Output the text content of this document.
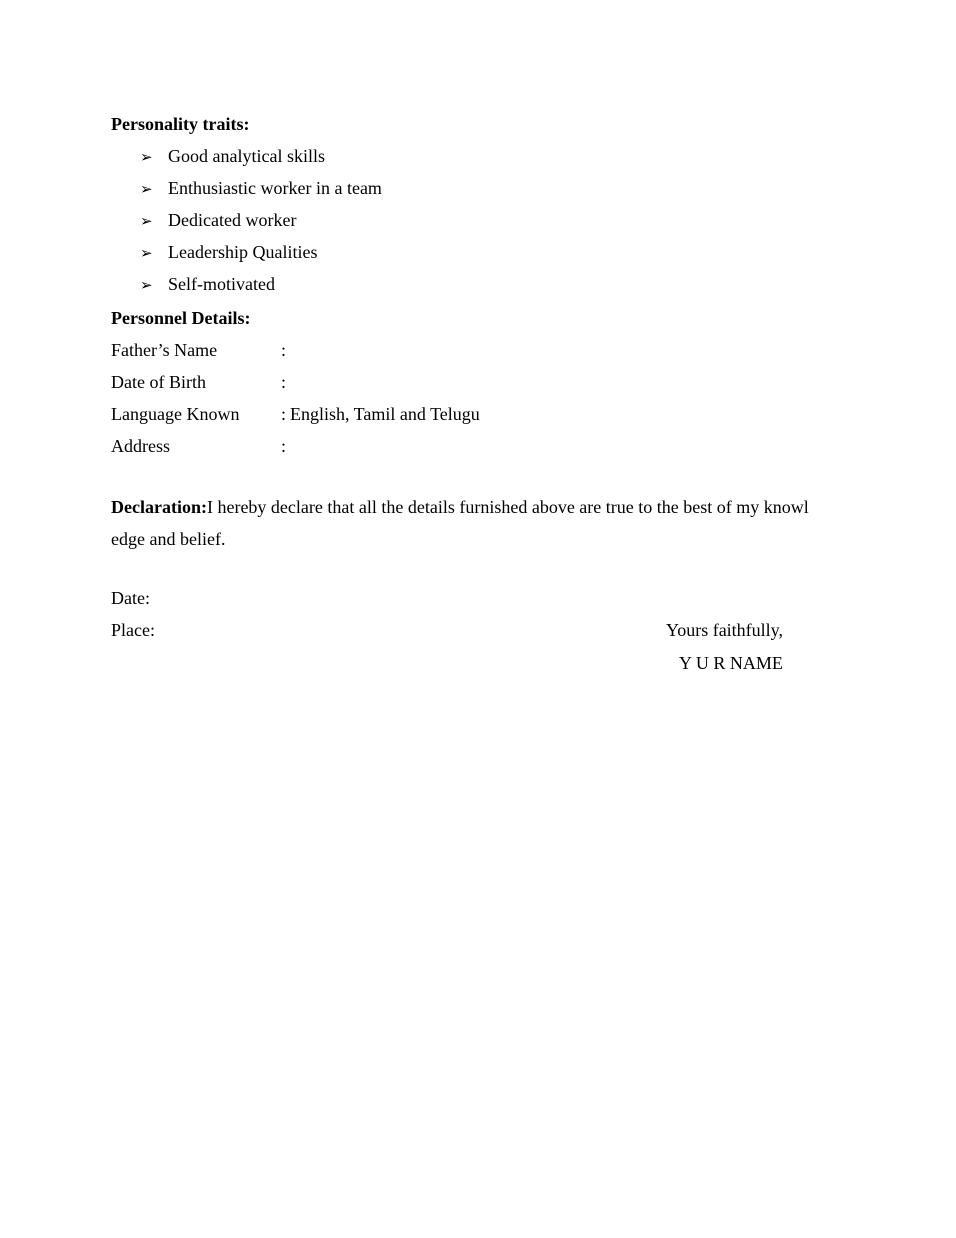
Personality traits:
➢ Good analytical skills
➢ Enthusiastic worker in a team
➢ Dedicated worker
➢ Leadership Qualities
➢ Self-motivated
Personnel Details:
Father’s Name	:
Date of Birth	:
Language Known : English, Tamil and Telugu
Address	:
Declaration:I hereby declare that all the details furnished above are true to the best of my knowl
edge and belief.
Date:
Place:	Yours faithfully,
Y U R NAME
